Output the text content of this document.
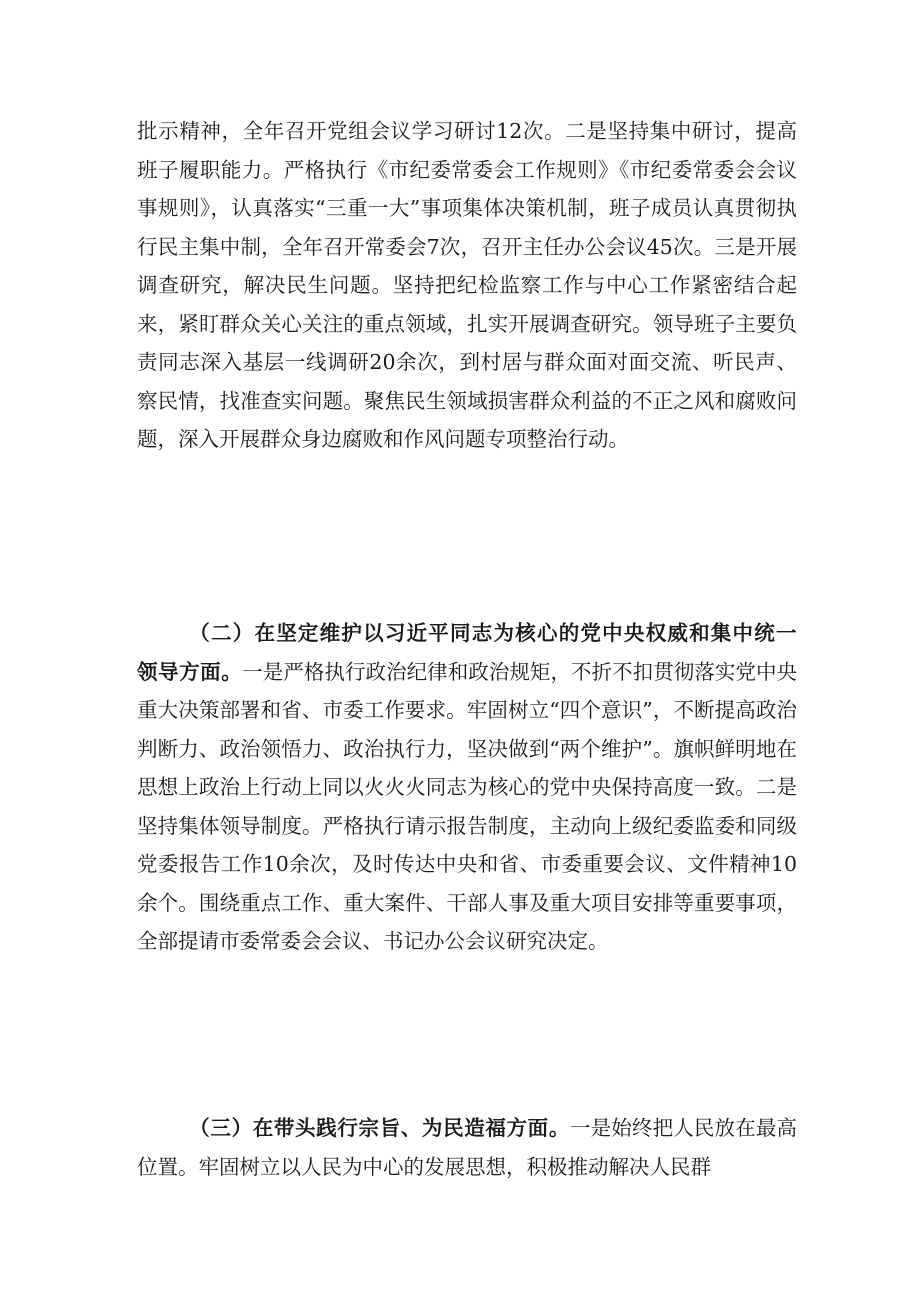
批示精神，全年召开党组会议学习研讨12次。二是坚持集中研讨，提高班子履职能力。严格执行《市纪委常委会工作规则》《市纪委常委会会议事规则》，认真落实“三重一大”事项集体决策机制，班子成员认真贯彻执行民主集中制，全年召开常委会7次，召开主任办公会议45次。三是开展调查研究，解决民生问题。坚持把纪检监察工作与中心工作紧密结合起来，紧盯群众关心关注的重点领域，扎实开展调查研究。领导班子主要负责同志深入基层一线调研20余次，到村居与群众面对面交流、听民声、察民情，找准查实问题。聚焦民生领域损害群众利益的不正之风和腐败问题，深入开展群众身边腐败和作风问题专项整治行动。

（二）在坚定维护以习近平同志为核心的党中央权威和集中统一领导方面。一是严格执行政治纪律和政治规矩，不折不扣贯彻落实党中央重大决策部署和省、市委工作要求。牢固树立“四个意识”，不断提高政治判断力、政治领悟力、政治执行力，坚决做到“两个维护”。旗帜鲜明地在思想上政治上行动上同以火火火同志为核心的党中央保持高度一致。二是坚持集体领导制度。严格执行请示报告制度，主动向上级纪委监委和同级党委报告工作10余次，及时传达中央和省、市委重要会议、文件精神10余个。围绕重点工作、重大案件、干部人事及重大项目安排等重要事项，全部提请市委常委会会议、书记办公会议研究决定。

（三）在带头践行宗旨、为民造福方面。一是始终把人民放在最高位置。牢固树立以人民为中心的发展思想，积极推动解决人民群
